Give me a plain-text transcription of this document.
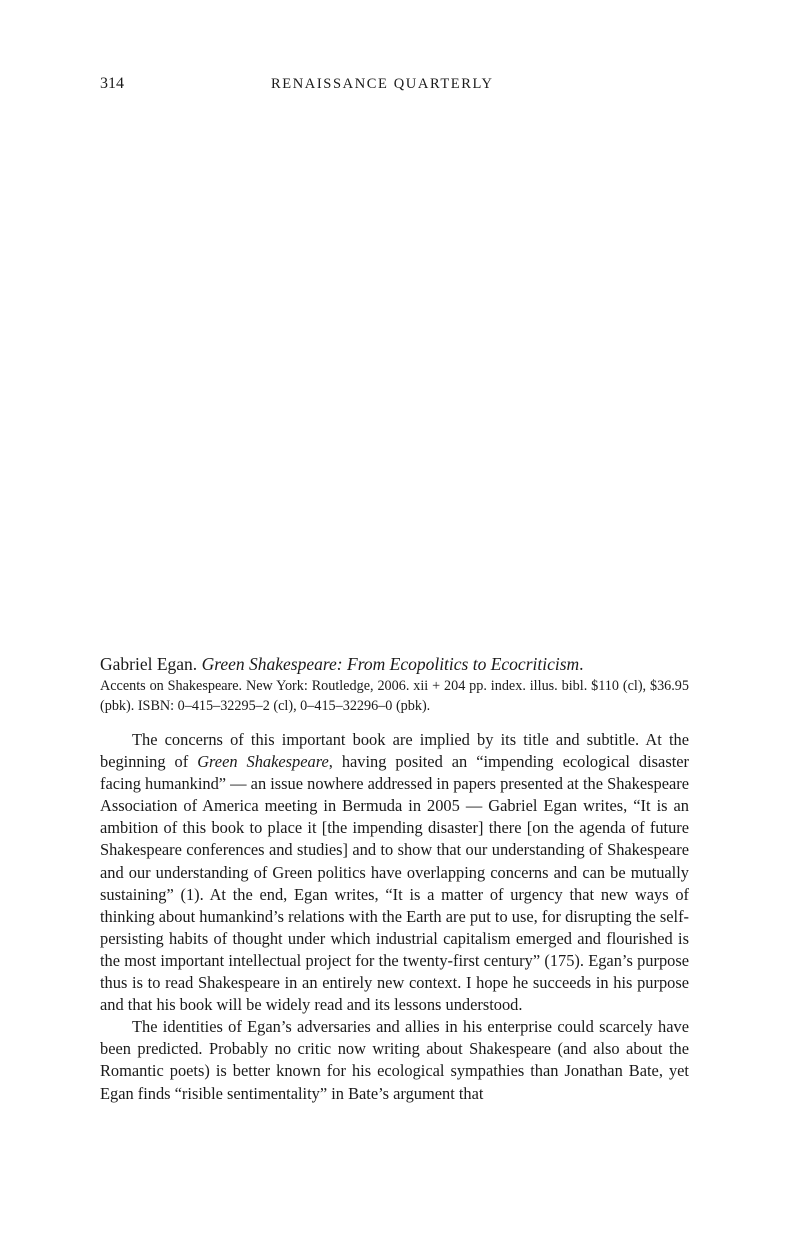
314	RENAISSANCE QUARTERLY
Gabriel Egan. Green Shakespeare: From Ecopolitics to Ecocriticism.
Accents on Shakespeare. New York: Routledge, 2006. xii + 204 pp. index. illus. bibl. $110 (cl), $36.95 (pbk). ISBN: 0–415–32295–2 (cl), 0–415–32296–0 (pbk).

The concerns of this important book are implied by its title and subtitle. At the beginning of Green Shakespeare, having posited an “impending ecological disaster facing humankind” — an issue nowhere addressed in papers presented at the Shakespeare Association of America meeting in Bermuda in 2005 — Gabriel Egan writes, “It is an ambition of this book to place it [the impending disaster] there [on the agenda of future Shakespeare conferences and studies] and to show that our understanding of Shakespeare and our understanding of Green politics have overlapping concerns and can be mutually sustaining” (1). At the end, Egan writes, “It is a matter of urgency that new ways of thinking about humankind’s relations with the Earth are put to use, for disrupting the self-persisting habits of thought under which industrial capitalism emerged and flourished is the most important intellectual project for the twenty-first century” (175). Egan’s purpose thus is to read Shakespeare in an entirely new context. I hope he succeeds in his purpose and that his book will be widely read and its lessons understood.

The identities of Egan’s adversaries and allies in his enterprise could scarcely have been predicted. Probably no critic now writing about Shakespeare (and also about the Romantic poets) is better known for his ecological sympathies than Jonathan Bate, yet Egan finds “risible sentimentality” in Bate’s argument that
